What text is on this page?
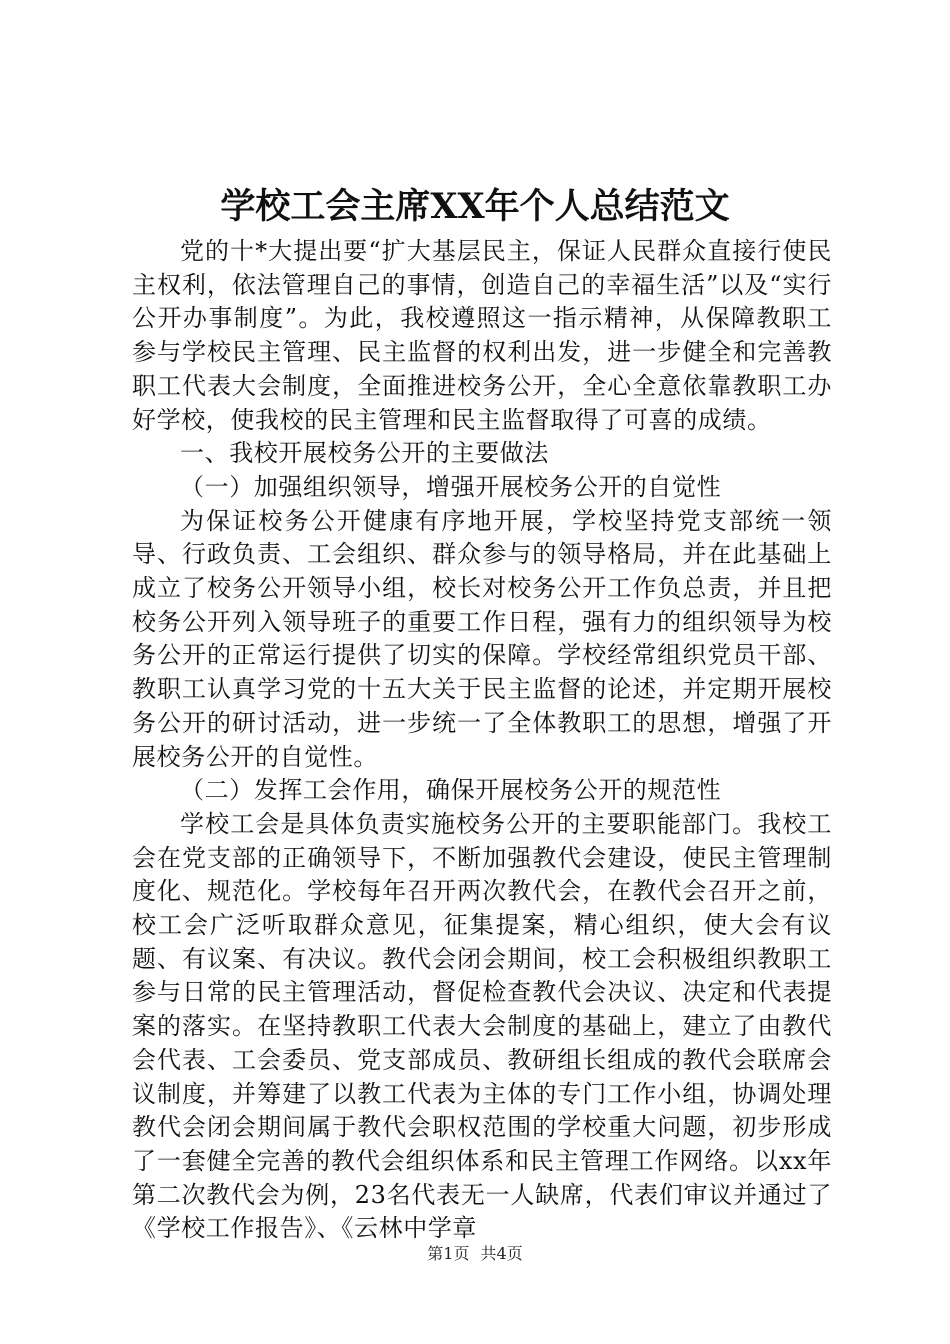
学校工会主席XX年个人总结范文

党的十*大提出要“扩大基层民主，保证人民群众直接行使民主权利，依法管理自己的事情，创造自己的幸福生活”以及“实行公开办事制度”。为此，我校遵照这一指示精神，从保障教职工参与学校民主管理、民主监督的权利出发，进一步健全和完善教职工代表大会制度，全面推进校务公开，全心全意依靠教职工办好学校，使我校的民主管理和民主监督取得了可喜的成绩。

一、我校开展校务公开的主要做法

（一）加强组织领导，增强开展校务公开的自觉性

为保证校务公开健康有序地开展，学校坚持党支部统一领导、行政负责、工会组织、群众参与的领导格局，并在此基础上成立了校务公开领导小组，校长对校务公开工作负总责，并且把校务公开列入领导班子的重要工作日程，强有力的组织领导为校务公开的正常运行提供了切实的保障。学校经常组织党员干部、教职工认真学习党的十五大关于民主监督的论述，并定期开展校务公开的研讨活动，进一步统一了全体教职工的思想，增强了开展校务公开的自觉性。

（二）发挥工会作用，确保开展校务公开的规范性

学校工会是具体负责实施校务公开的主要职能部门。我校工会在党支部的正确领导下，不断加强教代会建设，使民主管理制度化、规范化。学校每年召开两次教代会，在教代会召开之前，校工会广泛听取群众意见，征集提案，精心组织，使大会有议题、有议案、有决议。教代会闭会期间，校工会积极组织教职工参与日常的民主管理活动，督促检查教代会决议、决定和代表提案的落实。在坚持教职工代表大会制度的基础上，建立了由教代会代表、工会委员、党支部成员、教研组长组成的教代会联席会议制度，并筹建了以教工代表为主体的专门工作小组，协调处理教代会闭会期间属于教代会职权范围的学校重大问题，初步形成了一套健全完善的教代会组织体系和民主管理工作网络。以xx年第二次教代会为例，23名代表无一人缺席，代表们审议并通过了《学校工作报告》、《云林中学章

第1页 共4页
